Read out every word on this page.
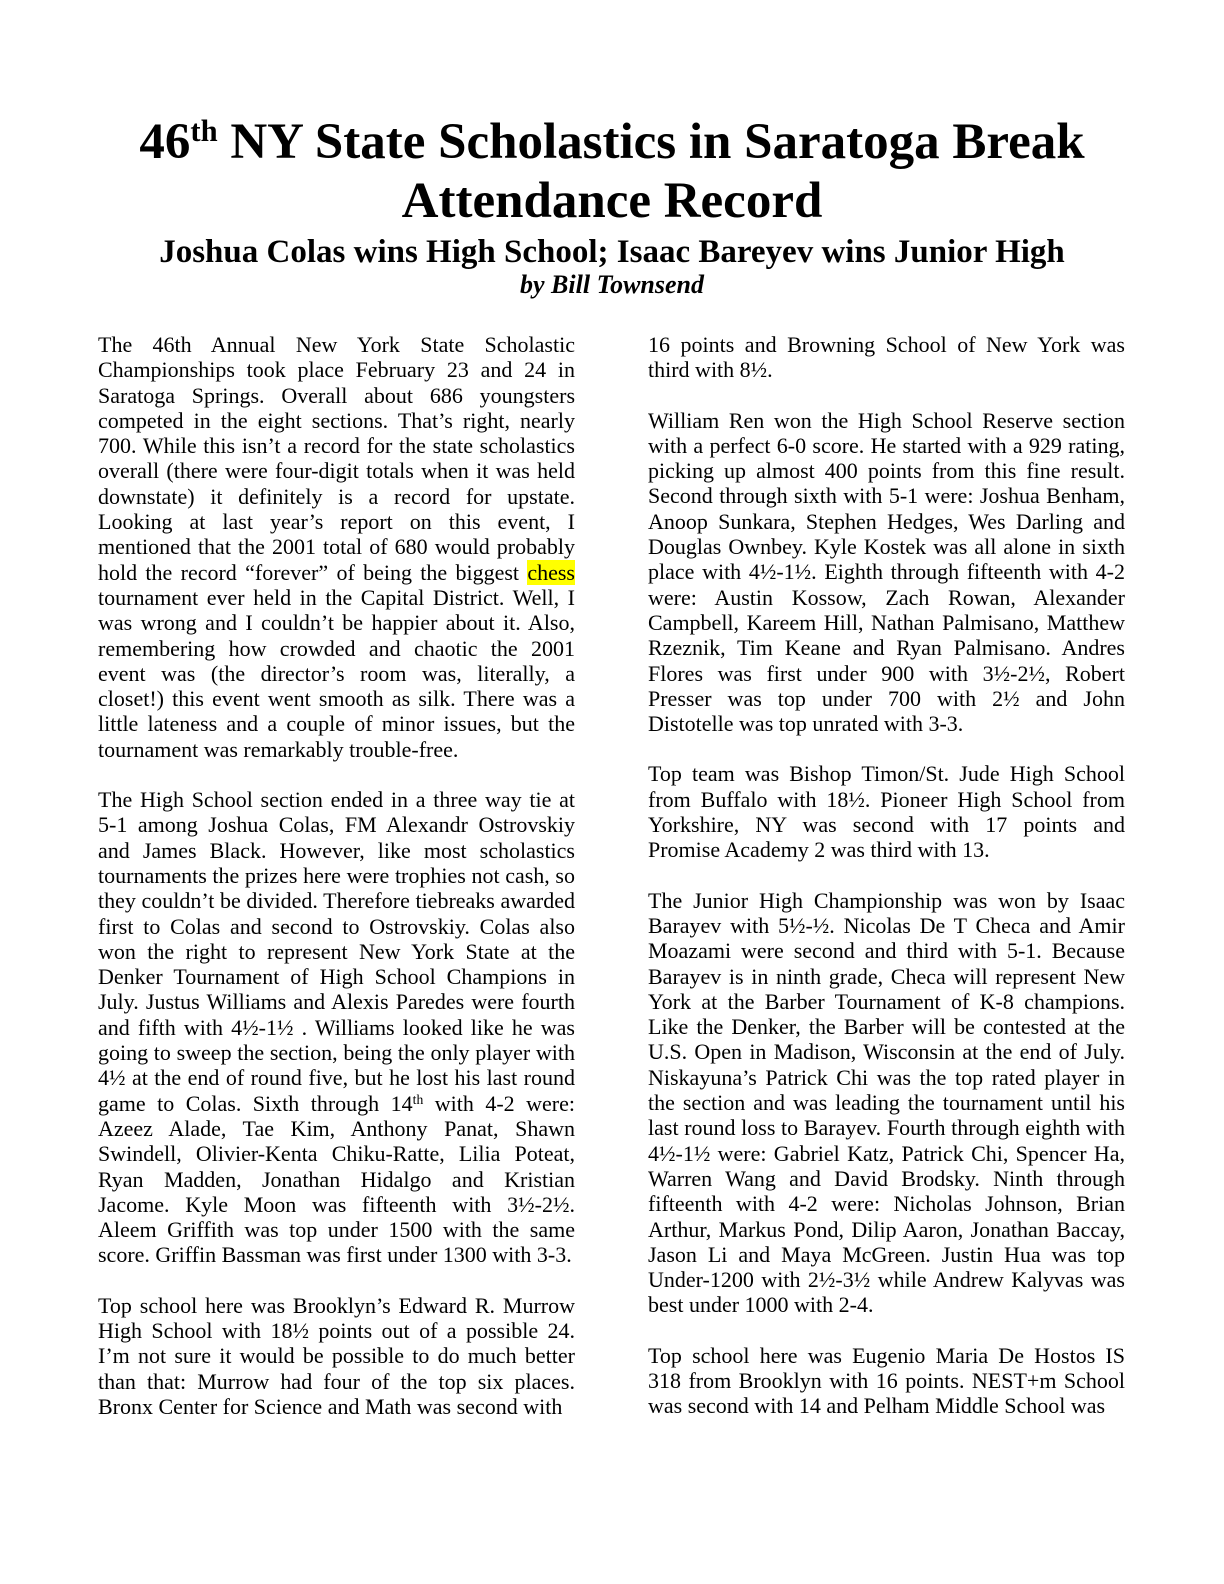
46th NY State Scholastics in Saratoga Break
Attendance Record
Joshua Colas wins High School; Isaac Bareyev wins Junior High
by Bill Townsend

The 46th Annual New York State Scholastic Championships took place February 23 and 24 in Saratoga Springs. Overall about 686 youngsters competed in the eight sections. That’s right, nearly 700. While this isn’t a record for the state scholastics overall (there were four-digit totals when it was held downstate) it definitely is a record for upstate. Looking at last year’s report on this event, I mentioned that the 2001 total of 680 would probably hold the record “forever” of being the biggest chess tournament ever held in the Capital District. Well, I was wrong and I couldn’t be happier about it. Also, remembering how crowded and chaotic the 2001 event was (the director’s room was, literally, a closet!) this event went smooth as silk. There was a little lateness and a couple of minor issues, but the tournament was remarkably trouble-free.

The High School section ended in a three way tie at 5-1 among Joshua Colas, FM Alexandr Ostrovskiy and James Black. However, like most scholastics tournaments the prizes here were trophies not cash, so they couldn’t be divided. Therefore tiebreaks awarded first to Colas and second to Ostrovskiy. Colas also won the right to represent New York State at the Denker Tournament of High School Champions in July. Justus Williams and Alexis Paredes were fourth and fifth with 4½-1½ . Williams looked like he was going to sweep the section, being the only player with 4½ at the end of round five, but he lost his last round game to Colas. Sixth through 14th with 4-2 were: Azeez Alade, Tae Kim, Anthony Panat, Shawn Swindell, Olivier-Kenta Chiku-Ratte, Lilia Poteat, Ryan Madden, Jonathan Hidalgo and Kristian Jacome. Kyle Moon was fifteenth with 3½-2½. Aleem Griffith was top under 1500 with the same score. Griffin Bassman was first under 1300 with 3-3.

Top school here was Brooklyn’s Edward R. Murrow High School with 18½ points out of a possible 24. I’m not sure it would be possible to do much better than that: Murrow had four of the top six places. Bronx Center for Science and Math was second with

16 points and Browning School of New York was third with 8½.

William Ren won the High School Reserve section with a perfect 6-0 score. He started with a 929 rating, picking up almost 400 points from this fine result. Second through sixth with 5-1 were: Joshua Benham, Anoop Sunkara, Stephen Hedges, Wes Darling and Douglas Ownbey. Kyle Kostek was all alone in sixth place with 4½-1½. Eighth through fifteenth with 4-2 were: Austin Kossow, Zach Rowan, Alexander Campbell, Kareem Hill, Nathan Palmisano, Matthew Rzeznik, Tim Keane and Ryan Palmisano. Andres Flores was first under 900 with 3½-2½, Robert Presser was top under 700 with 2½ and John Distotelle was top unrated with 3-3.

Top team was Bishop Timon/St. Jude High School from Buffalo with 18½. Pioneer High School from Yorkshire, NY was second with 17 points and Promise Academy 2 was third with 13.

The Junior High Championship was won by Isaac Barayev with 5½-½. Nicolas De T Checa and Amir Moazami were second and third with 5-1. Because Barayev is in ninth grade, Checa will represent New York at the Barber Tournament of K-8 champions. Like the Denker, the Barber will be contested at the U.S. Open in Madison, Wisconsin at the end of July. Niskayuna’s Patrick Chi was the top rated player in the section and was leading the tournament until his last round loss to Barayev. Fourth through eighth with 4½-1½ were: Gabriel Katz, Patrick Chi, Spencer Ha, Warren Wang and David Brodsky. Ninth through fifteenth with 4-2 were: Nicholas Johnson, Brian Arthur, Markus Pond, Dilip Aaron, Jonathan Baccay, Jason Li and Maya McGreen. Justin Hua was top Under-1200 with 2½-3½ while Andrew Kalyvas was best under 1000 with 2-4.

Top school here was Eugenio Maria De Hostos IS 318 from Brooklyn with 16 points. NEST+m School was second with 14 and Pelham Middle School was
